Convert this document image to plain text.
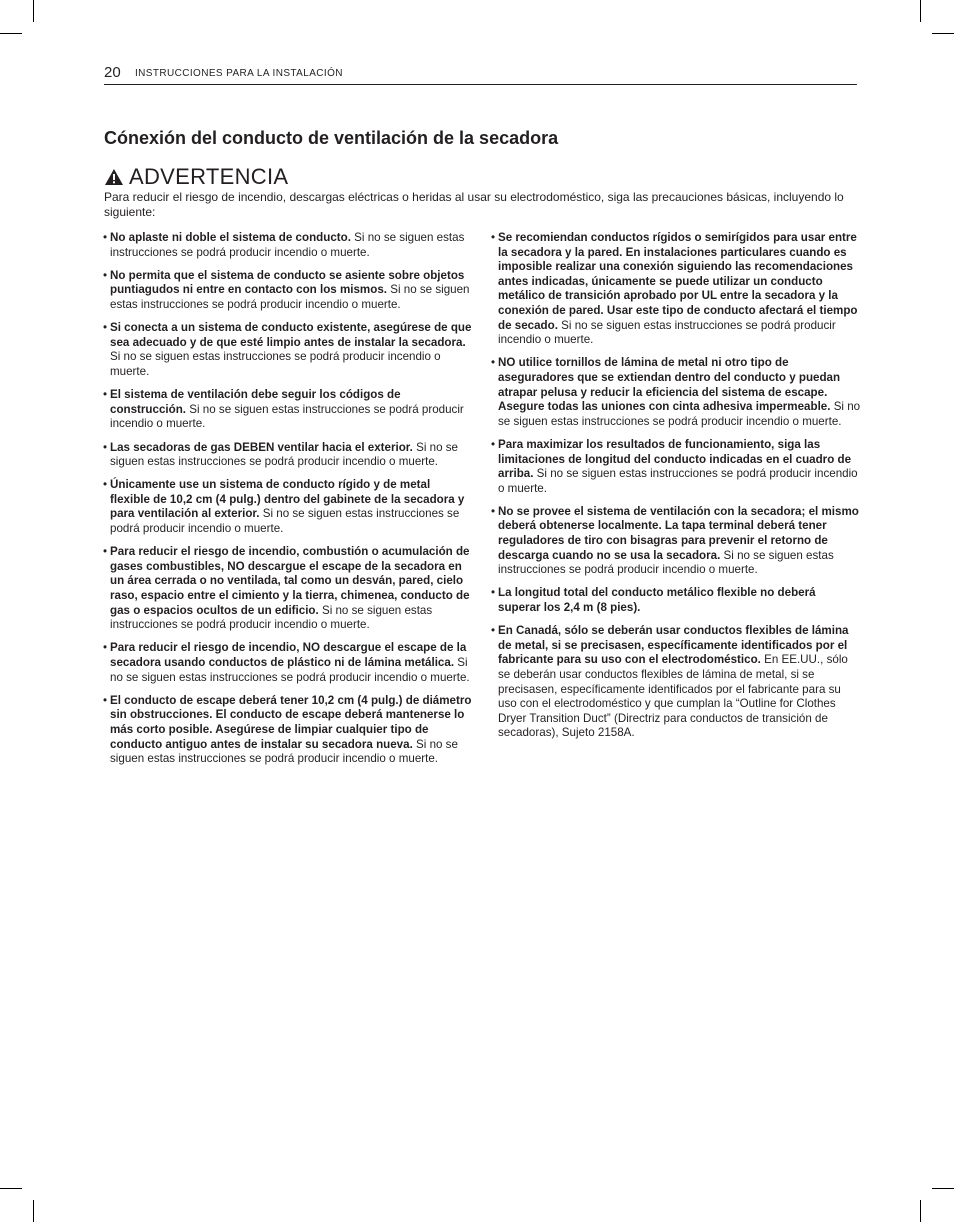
20 INSTRUCCIONES PARA LA INSTALACIÓN
Cónexión del conducto de ventilación de la secadora
ADVERTENCIA

Para reducir el riesgo de incendio, descargas eléctricas o heridas al usar su electrodoméstico, siga las precauciones básicas, incluyendo lo siguiente:

• No aplaste ni doble el sistema de conducto. Si no se siguen estas instrucciones se podrá producir incendio o muerte.
• No permita que el sistema de conducto se asiente sobre objetos puntiagudos ni entre en contacto con los mismos. Si no se siguen estas instrucciones se podrá producir incendio o muerte.
• Si conecta a un sistema de conducto existente, asegúrese de que sea adecuado y de que esté limpio antes de instalar la secadora. Si no se siguen estas instrucciones se podrá producir incendio o muerte.
• El sistema de ventilación debe seguir los códigos de construcción. Si no se siguen estas instrucciones se podrá producir incendio o muerte.
• Las secadoras de gas DEBEN ventilar hacia el exterior. Si no se siguen estas instrucciones se podrá producir incendio o muerte.
• Únicamente use un sistema de conducto rígido y de metal flexible de 10,2 cm (4 pulg.) dentro del gabinete de la secadora y para ventilación al exterior. Si no se siguen estas instrucciones se podrá producir incendio o muerte.
• Para reducir el riesgo de incendio, combustión o acumulación de gases combustibles, NO descargue el escape de la secadora en un área cerrada o no ventilada, tal como un desván, pared, cielo raso, espacio entre el cimiento y la tierra, chimenea, conducto de gas o espacios ocultos de un edificio. Si no se siguen estas instrucciones se podrá producir incendio o muerte.
• Para reducir el riesgo de incendio, NO descargue el escape de la secadora usando conductos de plástico ni de lámina metálica. Si no se siguen estas instrucciones se podrá producir incendio o muerte.
• El conducto de escape deberá tener 10,2 cm (4 pulg.) de diámetro sin obstrucciones. El conducto de escape deberá mantenerse lo más corto posible. Asegúrese de limpiar cualquier tipo de conducto antiguo antes de instalar su secadora nueva. Si no se siguen estas instrucciones se podrá producir incendio o muerte.
• Se recomiendan conductos rígidos o semirígidos para usar entre la secadora y la pared. En instalaciones particulares cuando es imposible realizar una conexión siguiendo las recomendaciones antes indicadas, únicamente se puede utilizar un conducto metálico de transición aprobado por UL entre la secadora y la conexión de pared. Usar este tipo de conducto afectará el tiempo de secado. Si no se siguen estas instrucciones se podrá producir incendio o muerte.
• NO utilice tornillos de lámina de metal ni otro tipo de aseguradores que se extiendan dentro del conducto y puedan atrapar pelusa y reducir la eficiencia del sistema de escape. Asegure todas las uniones con cinta adhesiva impermeable. Si no se siguen estas instrucciones se podrá producir incendio o muerte.
• Para maximizar los resultados de funcionamiento, siga las limitaciones de longitud del conducto indicadas en el cuadro de arriba. Si no se siguen estas instrucciones se podrá producir incendio o muerte.
• No se provee el sistema de ventilación con la secadora; el mismo deberá obtenerse localmente. La tapa terminal deberá tener reguladores de tiro con bisagras para prevenir el retorno de descarga cuando no se usa la secadora. Si no se siguen estas instrucciones se podrá producir incendio o muerte.
• La longitud total del conducto metálico flexible no deberá superar los 2,4 m (8 pies).
• En Canadá, sólo se deberán usar conductos flexibles de lámina de metal, si se precisasen, específicamente identificados por el fabricante para su uso con el electrodoméstico. En EE.UU., sólo se deberán usar conductos flexibles de lámina de metal, si se precisasen, específicamente identificados por el fabricante para su uso con el electrodoméstico y que cumplan la “Outline for Clothes Dryer Transition Duct” (Directriz para conductos de transición de secadoras), Sujeto 2158A.
